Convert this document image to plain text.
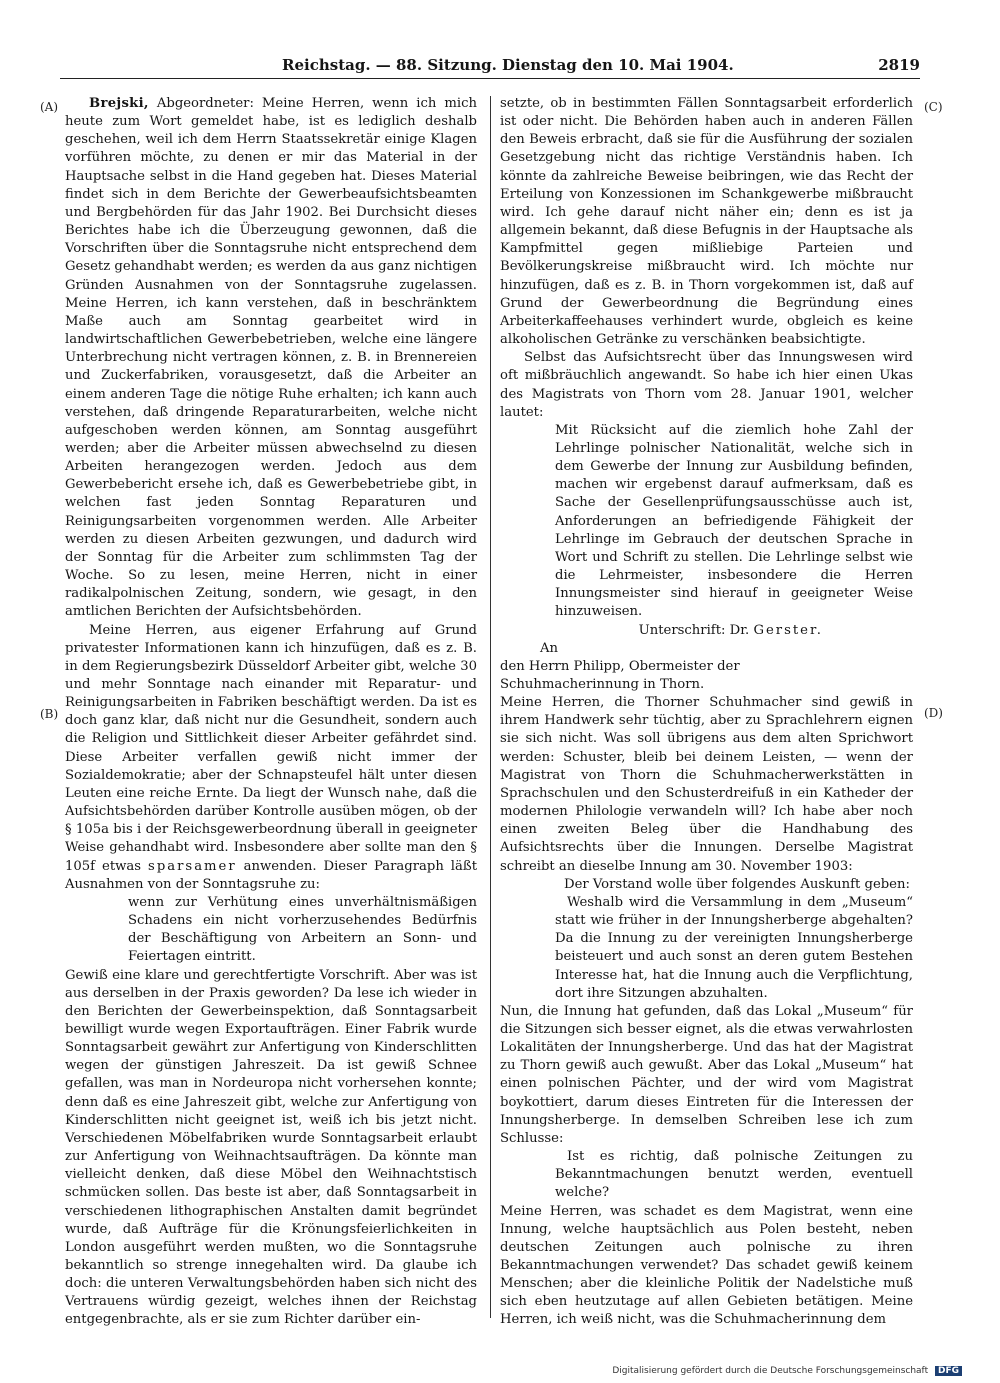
Reichstag. — 88. Sitzung. Dienstag den 10. Mai 1904.	2819
(A)
(B)
(C)
(D)

Brejski, Abgeordneter: Meine Herren, wenn ich mich heute zum Wort gemeldet habe, ist es lediglich deshalb geschehen, weil ich dem Herrn Staatssekretär einige Klagen vorführen möchte, zu denen er mir das Material in der Hauptsache selbst in die Hand gegeben hat. Dieses Material findet sich in dem Berichte der Gewerbeaufsichtsbeamten und Bergbehörden für das Jahr 1902. Bei Durchsicht dieses Berichtes habe ich die Überzeugung gewonnen, daß die Vorschriften über die Sonntagsruhe nicht entsprechend dem Gesetz gehandhabt werden; es werden da aus ganz nichtigen Gründen Ausnahmen von der Sonntagsruhe zugelassen. Meine Herren, ich kann verstehen, daß in beschränktem Maße auch am Sonntag gearbeitet wird in landwirtschaftlichen Gewerbebetrieben, welche eine längere Unterbrechung nicht vertragen können, z. B. in Brennereien und Zuckerfabriken, vorausgesetzt, daß die Arbeiter an einem anderen Tage die nötige Ruhe erhalten; ich kann auch verstehen, daß dringende Reparaturarbeiten, welche nicht aufgeschoben werden können, am Sonntag ausgeführt werden; aber die Arbeiter müssen abwechselnd zu diesen Arbeiten herangezogen werden. Jedoch aus dem Gewerbebericht ersehe ich, daß es Gewerbebetriebe gibt, in welchen fast jeden Sonntag Reparaturen und Reinigungsarbeiten vorgenommen werden. Alle Arbeiter werden zu diesen Arbeiten gezwungen, und dadurch wird der Sonntag für die Arbeiter zum schlimmsten Tag der Woche. So zu lesen, meine Herren, nicht in einer radikalpolnischen Zeitung, sondern, wie gesagt, in den amtlichen Berichten der Aufsichtsbehörden.

Meine Herren, aus eigener Erfahrung auf Grund privatester Informationen kann ich hinzufügen, daß es z. B. in dem Regierungsbezirk Düsseldorf Arbeiter gibt, welche 30 und mehr Sonntage nach einander mit Reparatur- und Reinigungsarbeiten in Fabriken beschäftigt werden. Da ist es doch ganz klar, daß nicht nur die Gesundheit, sondern auch die Religion und Sittlichkeit dieser Arbeiter gefährdet sind. Diese Arbeiter verfallen gewiß nicht immer der Sozialdemokratie; aber der Schnapsteufel hält unter diesen Leuten eine reiche Ernte. Da liegt der Wunsch nahe, daß die Aufsichtsbehörden darüber Kontrolle ausüben mögen, ob der § 105a bis i der Reichsgewerbeordnung überall in geeigneter Weise gehandhabt wird. Insbesondere aber sollte man den § 105f etwas sparsamer anwenden. Dieser Paragraph läßt Ausnahmen von der Sonntagsruhe zu:

wenn zur Verhütung eines unverhältnismäßigen Schadens ein nicht vorherzusehendes Bedürfnis der Beschäftigung von Arbeitern an Sonn- und Feiertagen eintritt.

Gewiß eine klare und gerechtfertigte Vorschrift. Aber was ist aus derselben in der Praxis geworden? Da lese ich wieder in den Berichten der Gewerbeinspektion, daß Sonntagsarbeit bewilligt wurde wegen Exportaufträgen. Einer Fabrik wurde Sonntagsarbeit gewährt zur Anfertigung von Kinderschlitten wegen der günstigen Jahreszeit. Da ist gewiß Schnee gefallen, was man in Nordeuropa nicht vorhersehen konnte; denn daß es eine Jahreszeit gibt, welche zur Anfertigung von Kinderschlitten nicht geeignet ist, weiß ich bis jetzt nicht. Verschiedenen Möbelfabriken wurde Sonntagsarbeit erlaubt zur Anfertigung von Weihnachtsaufträgen. Da könnte man vielleicht denken, daß diese Möbel den Weihnachtstisch schmücken sollen. Das beste ist aber, daß Sonntagsarbeit in verschiedenen lithographischen Anstalten damit begründet wurde, daß Aufträge für die Krönungsfeierlichkeiten in London ausgeführt werden mußten, wo die Sonntagsruhe bekanntlich so strenge innegehalten wird. Da glaube ich doch: die unteren Verwaltungsbehörden haben sich nicht des Vertrauens würdig gezeigt, welches ihnen der Reichstag entgegenbrachte, als er sie zum Richter darüber ein-

setzte, ob in bestimmten Fällen Sonntagsarbeit erforderlich ist oder nicht. Die Behörden haben auch in anderen Fällen den Beweis erbracht, daß sie für die Ausführung der sozialen Gesetzgebung nicht das richtige Verständnis haben. Ich könnte da zahlreiche Beweise beibringen, wie das Recht der Erteilung von Konzessionen im Schankgewerbe mißbraucht wird. Ich gehe darauf nicht näher ein; denn es ist ja allgemein bekannt, daß diese Befugnis in der Hauptsache als Kampfmittel gegen mißliebige Parteien und Bevölkerungskreise mißbraucht wird. Ich möchte nur hinzufügen, daß es z. B. in Thorn vorgekommen ist, daß auf Grund der Gewerbeordnung die Begründung eines Arbeiterkaffeehauses verhindert wurde, obgleich es keine alkoholischen Getränke zu verschänken beabsichtigte.

Selbst das Aufsichtsrecht über das Innungswesen wird oft mißbräuchlich angewandt. So habe ich hier einen Ukas des Magistrats von Thorn vom 28. Januar 1901, welcher lautet:

Mit Rücksicht auf die ziemlich hohe Zahl der Lehrlinge polnischer Nationalität, welche sich in dem Gewerbe der Innung zur Ausbildung befinden, machen wir ergebenst darauf aufmerksam, daß es Sache der Gesellenprüfungsausschüsse auch ist, Anforderungen an befriedigende Fähigkeit der Lehrlinge im Gebrauch der deutschen Sprache in Wort und Schrift zu stellen. Die Lehrlinge selbst wie die Lehrmeister, insbesondere die Herren Innungsmeister sind hierauf in geeigneter Weise hinzuweisen.

Unterschrift: Dr. Gerster.

An

den Herrn Philipp, Obermeister der

Schuhmacherinnung in Thorn.

Meine Herren, die Thorner Schuhmacher sind gewiß in ihrem Handwerk sehr tüchtig, aber zu Sprachlehrern eignen sie sich nicht. Was soll übrigens aus dem alten Sprichwort werden: Schuster, bleib bei deinem Leisten, — wenn der Magistrat von Thorn die Schuhmacherwerkstätten in Sprachschulen und den Schusterdreifuß in ein Katheder der modernen Philologie verwandeln will? Ich habe aber noch einen zweiten Beleg über die Handhabung des Aufsichtsrechts über die Innungen. Derselbe Magistrat schreibt an dieselbe Innung am 30. November 1903:

Der Vorstand wolle über folgendes Auskunft geben:

Weshalb wird die Versammlung in dem „Museum“ statt wie früher in der Innungsherberge abgehalten? Da die Innung zu der vereinigten Innungsherberge beisteuert und auch sonst an deren gutem Bestehen Interesse hat, hat die Innung auch die Verpflichtung, dort ihre Sitzungen abzuhalten.

Nun, die Innung hat gefunden, daß das Lokal „Museum“ für die Sitzungen sich besser eignet, als die etwas verwahrlosten Lokalitäten der Innungsherberge. Und das hat der Magistrat zu Thorn gewiß auch gewußt. Aber das Lokal „Museum“ hat einen polnischen Pächter, und der wird vom Magistrat boykottiert, darum dieses Eintreten für die Interessen der Innungsherberge. In demselben Schreiben lese ich zum Schlusse:

Ist es richtig, daß polnische Zeitungen zu Bekanntmachungen benutzt werden, eventuell welche?

Meine Herren, was schadet es dem Magistrat, wenn eine Innung, welche hauptsächlich aus Polen besteht, neben deutschen Zeitungen auch polnische zu ihren Bekanntmachungen verwendet? Das schadet gewiß keinem Menschen; aber die kleinliche Politik der Nadelstiche muß sich eben heutzutage auf allen Gebieten betätigen. Meine Herren, ich weiß nicht, was die Schuhmacherinnung dem

Digitalisierung gefördert durch die Deutsche Forschungsgemeinschaft DFG
